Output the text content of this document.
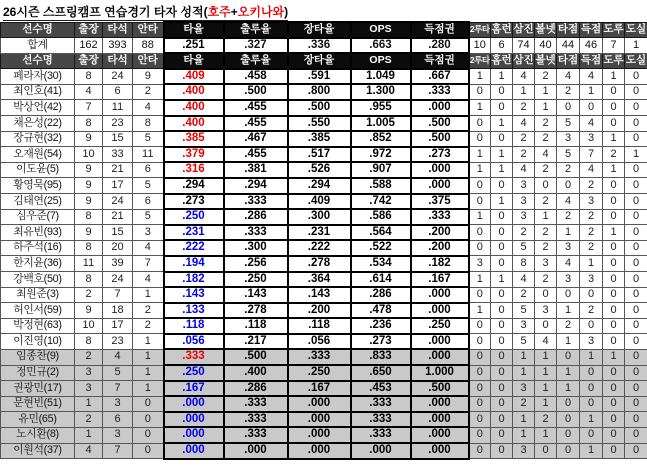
26시즌 스프링캠프 연습경기 타자 성적(호주+오키나와)
선수명	출장	타석	안타	타율	출루율	장타율	OPS	득점권	2루타	홈런	삼진	볼넷	타점	득점	도루	도실
합계	162	393	88	.251	.327	.336	.663	.280	10	6	74	40	44	46	7	1
선수명	출장	타석	안타	타율	출루율	장타율	OPS	득점권	2루타	홈런	삼진	볼넷	타점	득점	도루	도실
페라자(30)	8	24	9	.409	.458	.591	1.049	.667	1	1	4	2	4	4	1	0
최인호(41)	4	6	2	.400	.500	.800	1.300	.333	0	0	1	1	2	1	0	0
박상언(42)	7	11	4	.400	.455	.500	.955	.000	1	0	2	1	0	0	0	0
채은성(22)	8	23	8	.400	.455	.550	1.005	.500	0	1	4	2	5	4	0	0
장규현(32)	9	15	5	.385	.467	.385	.852	.500	0	0	2	2	3	3	1	0
오재원(54)	10	33	11	.379	.455	.517	.972	.273	1	1	2	4	5	7	2	1
이도윤(5)	9	21	6	.316	.381	.526	.907	.000	1	1	4	2	2	4	1	0
황영묵(95)	9	17	5	.294	.294	.294	.588	.000	0	0	3	0	0	2	0	0
김태연(25)	9	24	6	.273	.333	.409	.742	.375	0	1	3	2	4	3	0	0
심우준(7)	8	21	5	.250	.286	.300	.586	.333	1	0	3	1	2	2	0	0
최유빈(93)	9	15	3	.231	.333	.231	.564	.200	0	0	2	2	1	2	1	0
하주석(16)	8	20	4	.222	.300	.222	.522	.200	0	0	5	2	3	2	0	0
한지윤(36)	11	39	7	.194	.256	.278	.534	.182	3	0	8	3	4	1	0	0
강백호(50)	8	24	4	.182	.250	.364	.614	.167	1	1	4	2	3	3	0	0
최원준(3)	2	7	1	.143	.143	.143	.286	.000	0	0	2	0	0	0	0	0
허인서(59)	9	18	2	.133	.278	.200	.478	.000	1	0	5	3	1	2	0	0
박정현(63)	10	17	2	.118	.118	.118	.236	.250	0	0	3	0	2	0	0	0
이진영(10)	8	23	1	.056	.217	.056	.273	.000	0	0	5	4	1	3	0	0
임종찬(9)	2	4	1	.333	.500	.333	.833	.000	0	0	1	1	0	1	1	0
정민규(2)	3	5	1	.250	.400	.250	.650	1.000	0	0	1	1	1	0	0	0
권광민(17)	3	7	1	.167	.286	.167	.453	.500	0	0	3	1	1	0	0	0
문현빈(51)	1	3	0	.000	.333	.000	.333	.000	0	0	2	1	0	0	0	0
유민(65)	2	6	0	.000	.333	.000	.333	.000	0	0	1	2	0	1	0	0
노시환(8)	1	3	0	.000	.333	.000	.333	.000	0	0	1	1	0	0	0	0
이원석(37)	4	7	0	.000	.000	.000	.000	.000	0	0	3	0	0	1	0	0
